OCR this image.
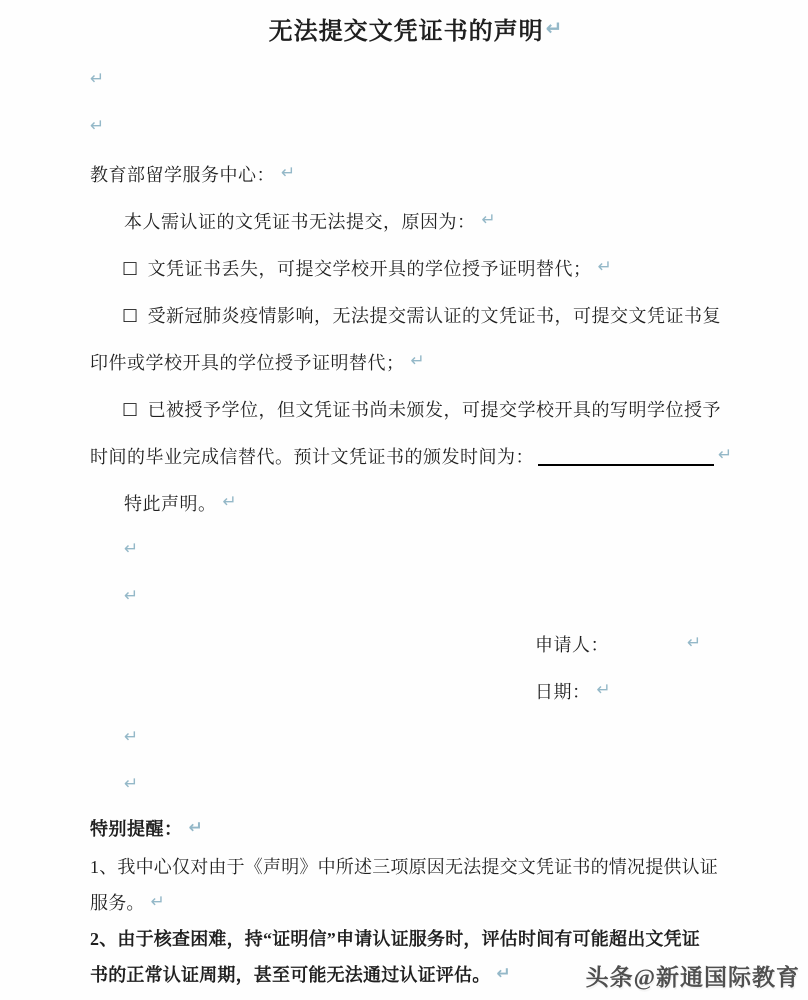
无法提交文凭证书的声明 ↵
↵
↵
教育部留学服务中心： ↵
本人需认证的文凭证书无法提交，原因为： ↵
□ 文凭证书丢失，可提交学校开具的学位授予证明替代； ↵
□ 受新冠肺炎疫情影响，无法提交需认证的文凭证书，可提交文凭证书复
印件或学校开具的学位授予证明替代； ↵
□ 已被授予学位，但文凭证书尚未颁发，可提交学校开具的写明学位授予
时间的毕业完成信替代。预计文凭证书的颁发时间为：	↵
特此声明。 ↵
↵
↵
申请人：	↵
日期： ↵
↵
↵
特别提醒： ↵
1、我中心仅对由于《声明》中所述三项原因无法提交文凭证书的情况提供认证
服务。 ↵
2、由于核查困难，持“证明信”申请认证服务时，评估时间有可能超出文凭证
书的正常认证周期，甚至可能无法通过认证评估。 ↵	头条@新通国际教育
